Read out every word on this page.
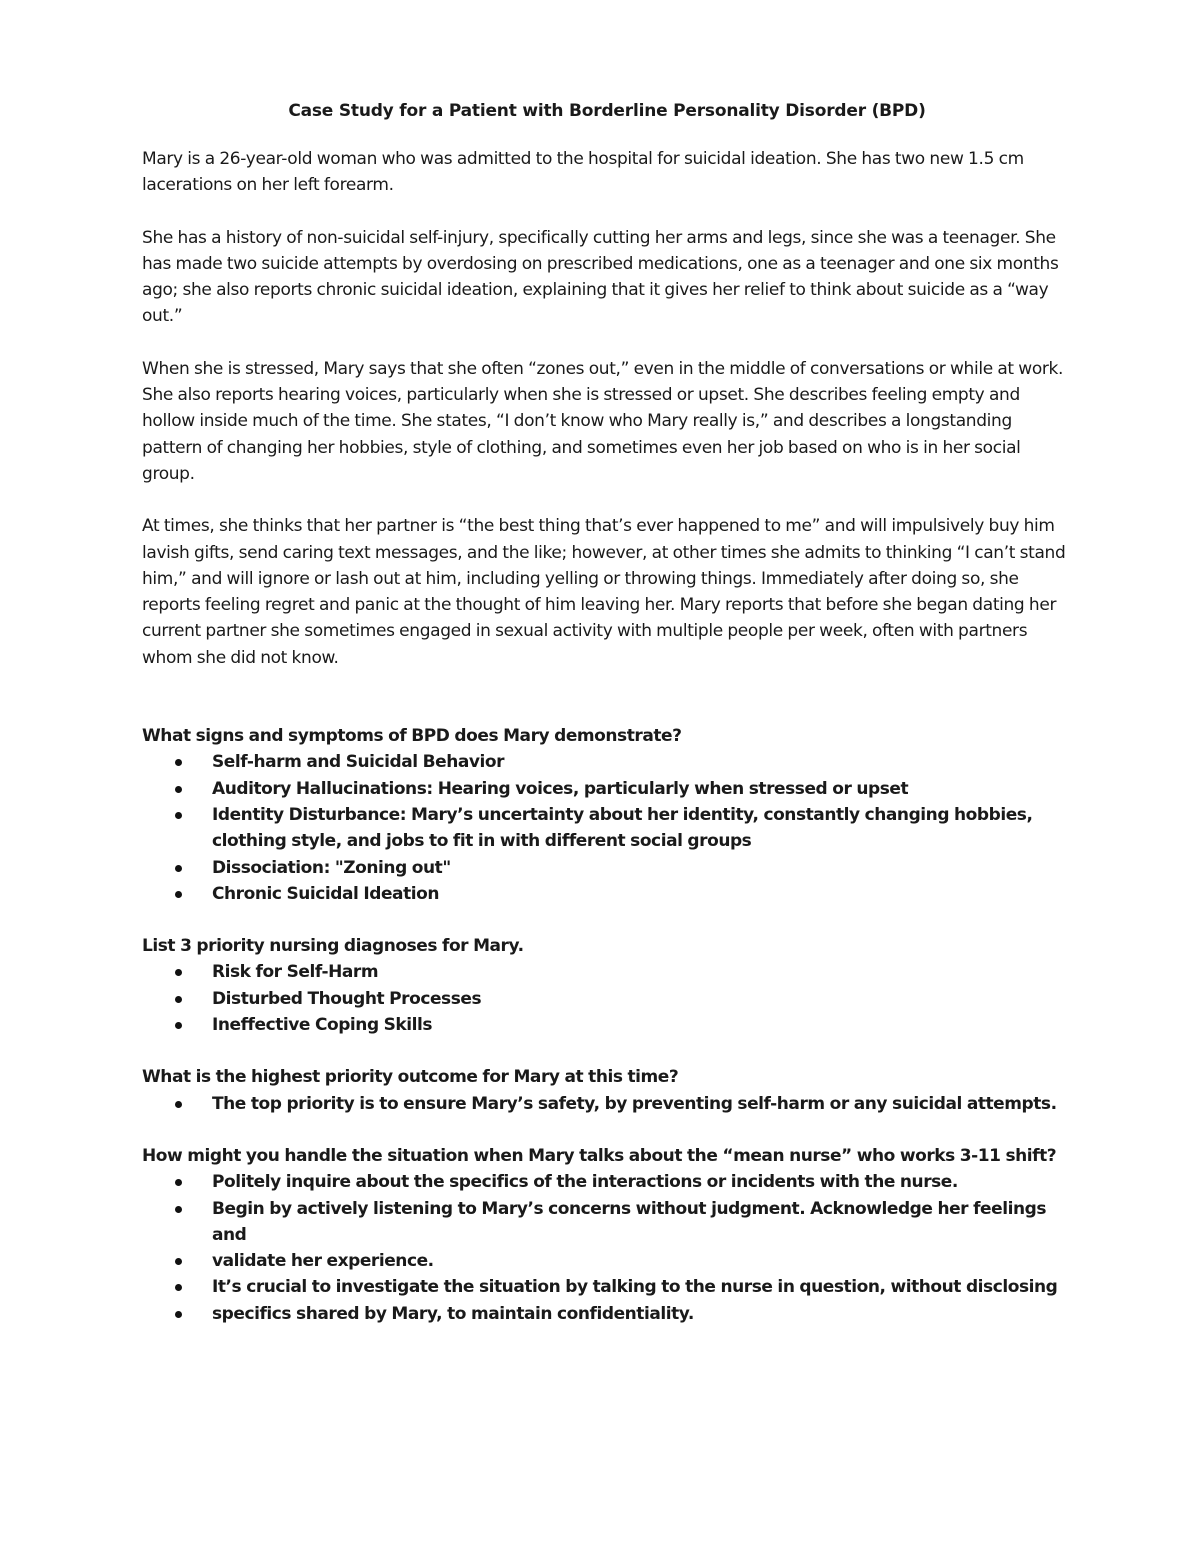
Case Study for a Patient with Borderline Personality Disorder (BPD)

Mary is a 26-year-old woman who was admitted to the hospital for suicidal ideation. She has two new 1.5 cm lacerations on her left forearm.

She has a history of non-suicidal self-injury, specifically cutting her arms and legs, since she was a teenager. She has made two suicide attempts by overdosing on prescribed medications, one as a teenager and one six months ago; she also reports chronic suicidal ideation, explaining that it gives her relief to think about suicide as a “way out.”

When she is stressed, Mary says that she often “zones out,” even in the middle of conversations or while at work. She also reports hearing voices, particularly when she is stressed or upset. She describes feeling empty and hollow inside much of the time. She states, “I don’t know who Mary really is,” and describes a longstanding pattern of changing her hobbies, style of clothing, and sometimes even her job based on who is in her social group.

At times, she thinks that her partner is “the best thing that’s ever happened to me” and will impulsively buy him lavish gifts, send caring text messages, and the like; however, at other times she admits to thinking “I can’t stand him,” and will ignore or lash out at him, including yelling or throwing things. Immediately after doing so, she reports feeling regret and panic at the thought of him leaving her. Mary reports that before she began dating her current partner she sometimes engaged in sexual activity with multiple people per week, often with partners whom she did not know.

What signs and symptoms of BPD does Mary demonstrate?

Self-harm and Suicidal Behavior
Auditory Hallucinations: Hearing voices, particularly when stressed or upset
Identity Disturbance: Mary’s uncertainty about her identity, constantly changing hobbies, clothing style, and jobs to fit in with different social groups
Dissociation: "Zoning out"
Chronic Suicidal Ideation

List 3 priority nursing diagnoses for Mary.

Risk for Self-Harm
Disturbed Thought Processes
Ineffective Coping Skills

What is the highest priority outcome for Mary at this time?

The top priority is to ensure Mary’s safety, by preventing self-harm or any suicidal attempts.

How might you handle the situation when Mary talks about the “mean nurse” who works 3-11 shift?

Politely inquire about the specifics of the interactions or incidents with the nurse.
Begin by actively listening to Mary’s concerns without judgment. Acknowledge her feelings and
validate her experience.
It’s crucial to investigate the situation by talking to the nurse in question, without disclosing
specifics shared by Mary, to maintain confidentiality.
